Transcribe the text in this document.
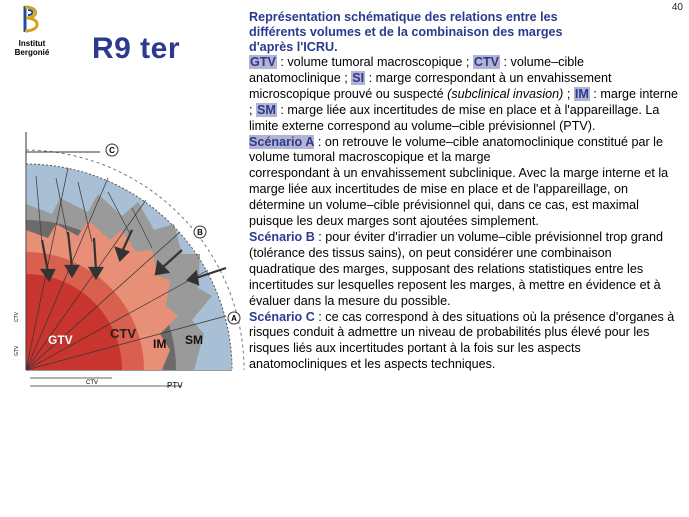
40
Institut
Bergonié R9 ter
C
B
A
GTV	CTV
IM SM
CTV	PTV
CTV
GTV
Représentation schématique des relations entre les
différents volumes et de la combinaison des marges
d'après l'ICRU.

GTV : volume tumoral macroscopique ; CTV : volume–cible anatomoclinique ; SI : marge correspondant à un envahissement microscopique prouvé ou suspecté (subclinical invasion) ; IM : marge interne ; SM : marge liée aux incertitudes de mise en place et à l'appareillage. La limite externe correspond au volume–cible prévisionnel (PTV).

Scénario A : on retrouve le volume–cible anatomoclinique constitué par le volume tumoral macroscopique et la marge

correspondant à un envahissement subclinique. Avec la marge interne et la marge liée aux incertitudes de mise en place et de l'appareillage, on détermine un volume–cible prévisionnel qui, dans ce cas, est maximal puisque les deux marges sont ajoutées simplement.

Scénario B : pour éviter d'irradier un volume–cible prévisionnel trop grand (tolérance des tissus sains), on peut considérer une combinaison quadratique des marges, supposant des relations statistiques entre les incertitudes sur lesquelles reposent les marges, à mettre en évidence et à évaluer dans la mesure du possible.

Scénario C : ce cas correspond à des situations où la présence d'organes à risques conduit à admettre un niveau de probabilités plus élevé pour les risques liés aux incertitudes portant à la fois sur les aspects anatomocliniques et les aspects techniques.
